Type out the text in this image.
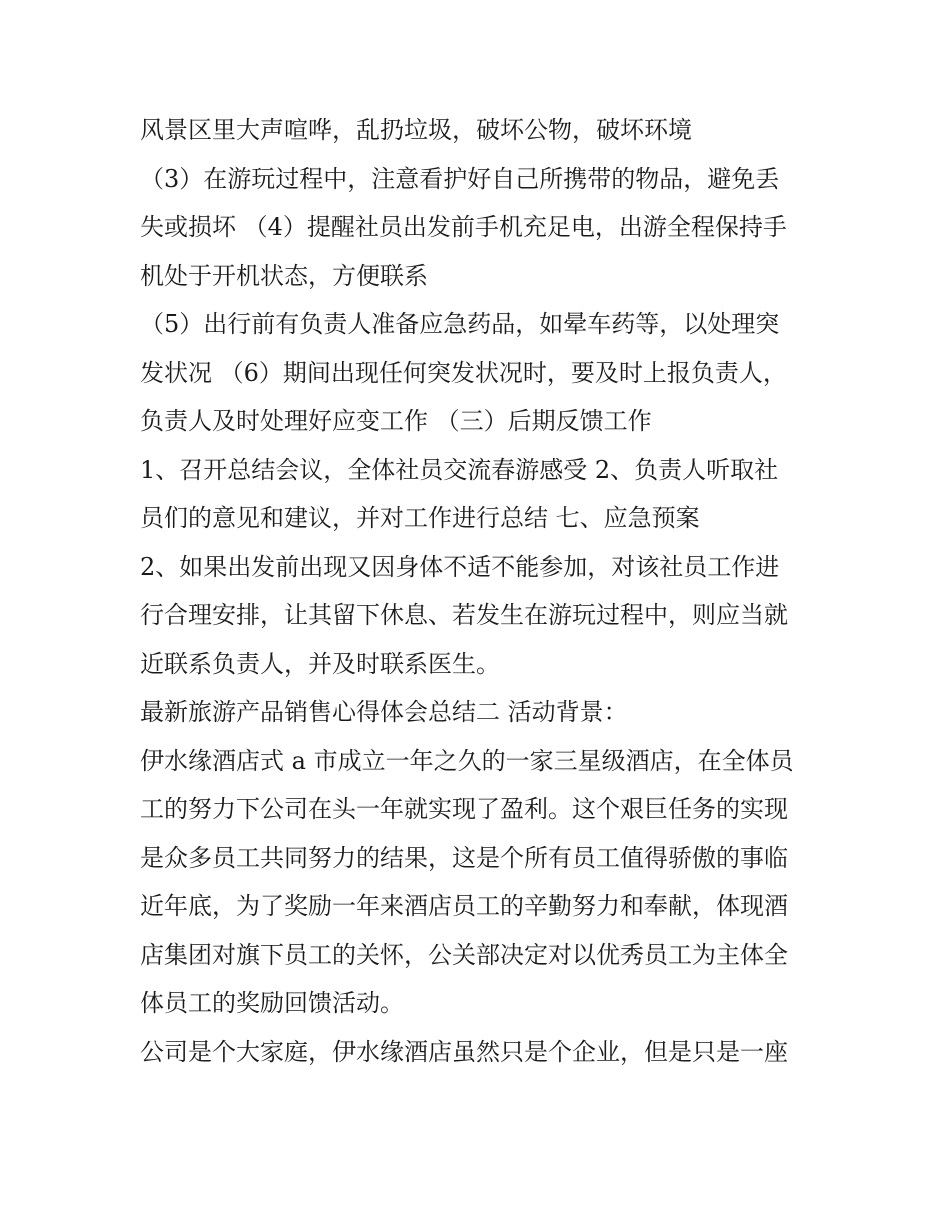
风景区里大声喧哗，乱扔垃圾，破坏公物，破坏环境
（3）在游玩过程中，注意看护好自己所携带的物品，避免丢
失或损坏 （4）提醒社员出发前手机充足电，出游全程保持手
机处于开机状态，方便联系
（5）出行前有负责人准备应急药品，如晕车药等，以处理突
发状况 （6）期间出现任何突发状况时，要及时上报负责人，
负责人及时处理好应变工作 （三）后期反馈工作
1、召开总结会议，全体社员交流春游感受 2、负责人听取社
员们的意见和建议，并对工作进行总结 七、应急预案
2、如果出发前出现又因身体不适不能参加，对该社员工作进
行合理安排，让其留下休息、若发生在游玩过程中，则应当就
近联系负责人，并及时联系医生。
最新旅游产品销售心得体会总结二 活动背景：
伊水缘酒店式 a 市成立一年之久的一家三星级酒店，在全体员
工的努力下公司在头一年就实现了盈利。这个艰巨任务的实现
是众多员工共同努力的结果，这是个所有员工值得骄傲的事临
近年底，为了奖励一年来酒店员工的辛勤努力和奉献，体现酒
店集团对旗下员工的关怀，公关部决定对以优秀员工为主体全
体员工的奖励回馈活动。
公司是个大家庭，伊水缘酒店虽然只是个企业，但是只是一座
